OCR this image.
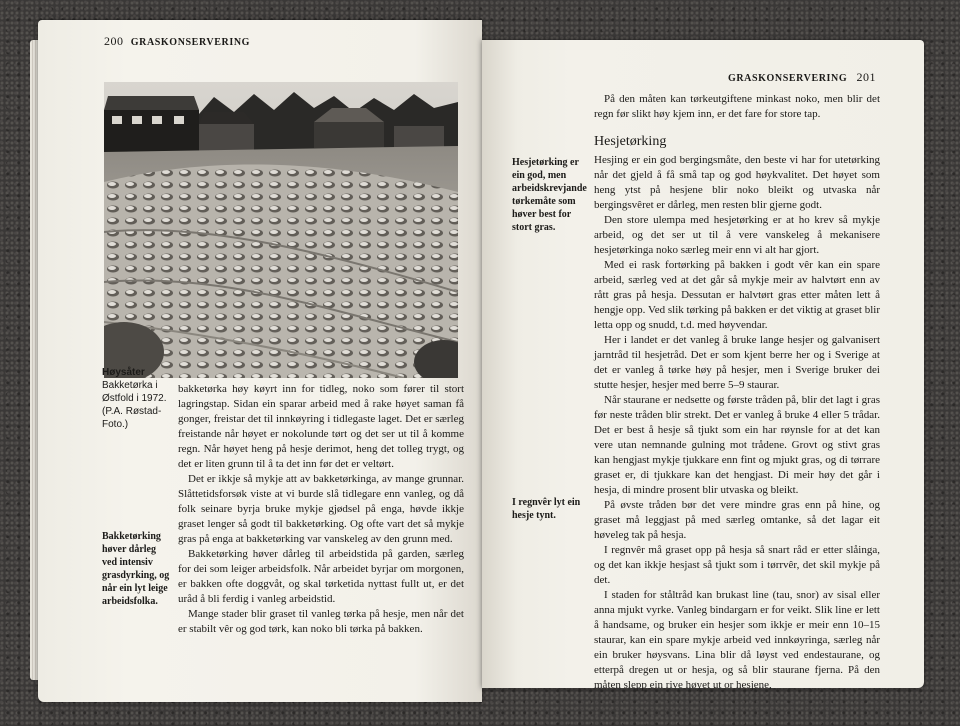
200 GRASKONSERVERING
Høysåter
Bakketørka i Østfold i 1972. (P.A. Røstad-Foto.)
Bakketørking høver dårleg ved intensiv grasdyrking, og når ein lyt leige arbeidsfolka.

bakketørka høy køyrt inn for tidleg, noko som fører til stort lagringstap. Sidan ein sparar arbeid med å rake høyet saman få gonger, freistar det til innkøyring i tidlegaste laget. Det er særleg freistande når høyet er nokolunde tørt og det ser ut til å komme regn. Når høyet heng på hesje derimot, heng det tolleg trygt, og det er liten grunn til å ta det inn før det er veltørt.

Det er ikkje så mykje att av bakketørkinga, av mange grunnar. Slåttetidsforsøk viste at vi burde slå tidlegare enn vanleg, og då folk seinare byrja bruke mykje gjødsel på enga, høvde ikkje graset lenger så godt til bakketørking. Og ofte vart det så mykje gras på enga at bakketørking var vanskeleg av den grunn med.

Bakketørking høver dårleg til arbeidstida på garden, særleg for dei som leiger arbeidsfolk. Når arbeidet byrjar om morgonen, er bakken ofte doggvåt, og skal tørketida nyttast fullt ut, er det uråd å bli ferdig i vanleg arbeidstid.

Mange stader blir graset til vanleg tørka på hesje, men når det er stabilt vêr og god tørk, kan noko bli tørka på bakken.

GRASKONSERVERING 201

På den måten kan tørkeutgiftene minkast noko, men blir det regn før slikt høy kjem inn, er det fare for store tap.

Hesjetørking er ein god, men arbeidskrevjande tørkemåte som høver best for stort gras.
I regnvêr lyt ein hesje tynt.
Hesjetørking

Hesjing er ein god bergingsmåte, den beste vi har for utetørking når det gjeld å få små tap og god høykvalitet. Det høyet som heng ytst på hesjene blir noko bleikt og utvaska når bergingsvêret er dårleg, men resten blir gjerne godt.

Den store ulempa med hesjetørking er at ho krev så mykje arbeid, og det ser ut til å vere vanskeleg å mekanisere hesjetørkinga noko særleg meir enn vi alt har gjort.

Med ei rask fortørking på bakken i godt vêr kan ein spare arbeid, særleg ved at det går så mykje meir av halvtørt enn av rått gras på hesja. Dessutan er halvtørt gras etter måten lett å hengje opp. Ved slik tørking på bakken er det viktig at graset blir letta opp og snudd, t.d. med høyvendar.

Her i landet er det vanleg å bruke lange hesjer og galvanisert jarntråd til hesjetråd. Det er som kjent berre her og i Sverige at det er vanleg å tørke høy på hesjer, men i Sverige bruker dei stutte hesjer, hesjer med berre 5–9 staurar.

Når staurane er nedsette og første tråden på, blir det lagt i gras før neste tråden blir strekt. Det er vanleg å bruke 4 eller 5 trådar. Det er best å hesje så tjukt som ein har røynsle for at det kan vere utan nemnande gulning mot trådene. Grovt og stivt gras kan hengjast mykje tjukkare enn fint og mjukt gras, og di tørrare graset er, di tjukkare kan det hengjast. Di meir høy det går i hesja, di mindre prosent blir utvaska og bleikt.

På øvste tråden bør det vere mindre gras enn på hine, og graset må leggjast på med særleg omtanke, så det lagar eit høveleg tak på hesja.

I regnvêr må graset opp på hesja så snart råd er etter slåinga, og det kan ikkje hesjast så tjukt som i tørrvêr, det skil mykje på det.

I staden for ståltråd kan brukast line (tau, snor) av sisal eller anna mjukt vyrke. Vanleg bindargarn er for veikt. Slik line er lett å handsame, og bruker ein hesjer som ikkje er meir enn 10–15 staurar, kan ein spare mykje arbeid ved innkøyringa, særleg når ein bruker høysvans. Lina blir då løyst ved endestaurane, og etterpå dregen ut or hesja, og så blir staurane fjerna. På den måten slepp ein rive høyet ut or hesjene,
